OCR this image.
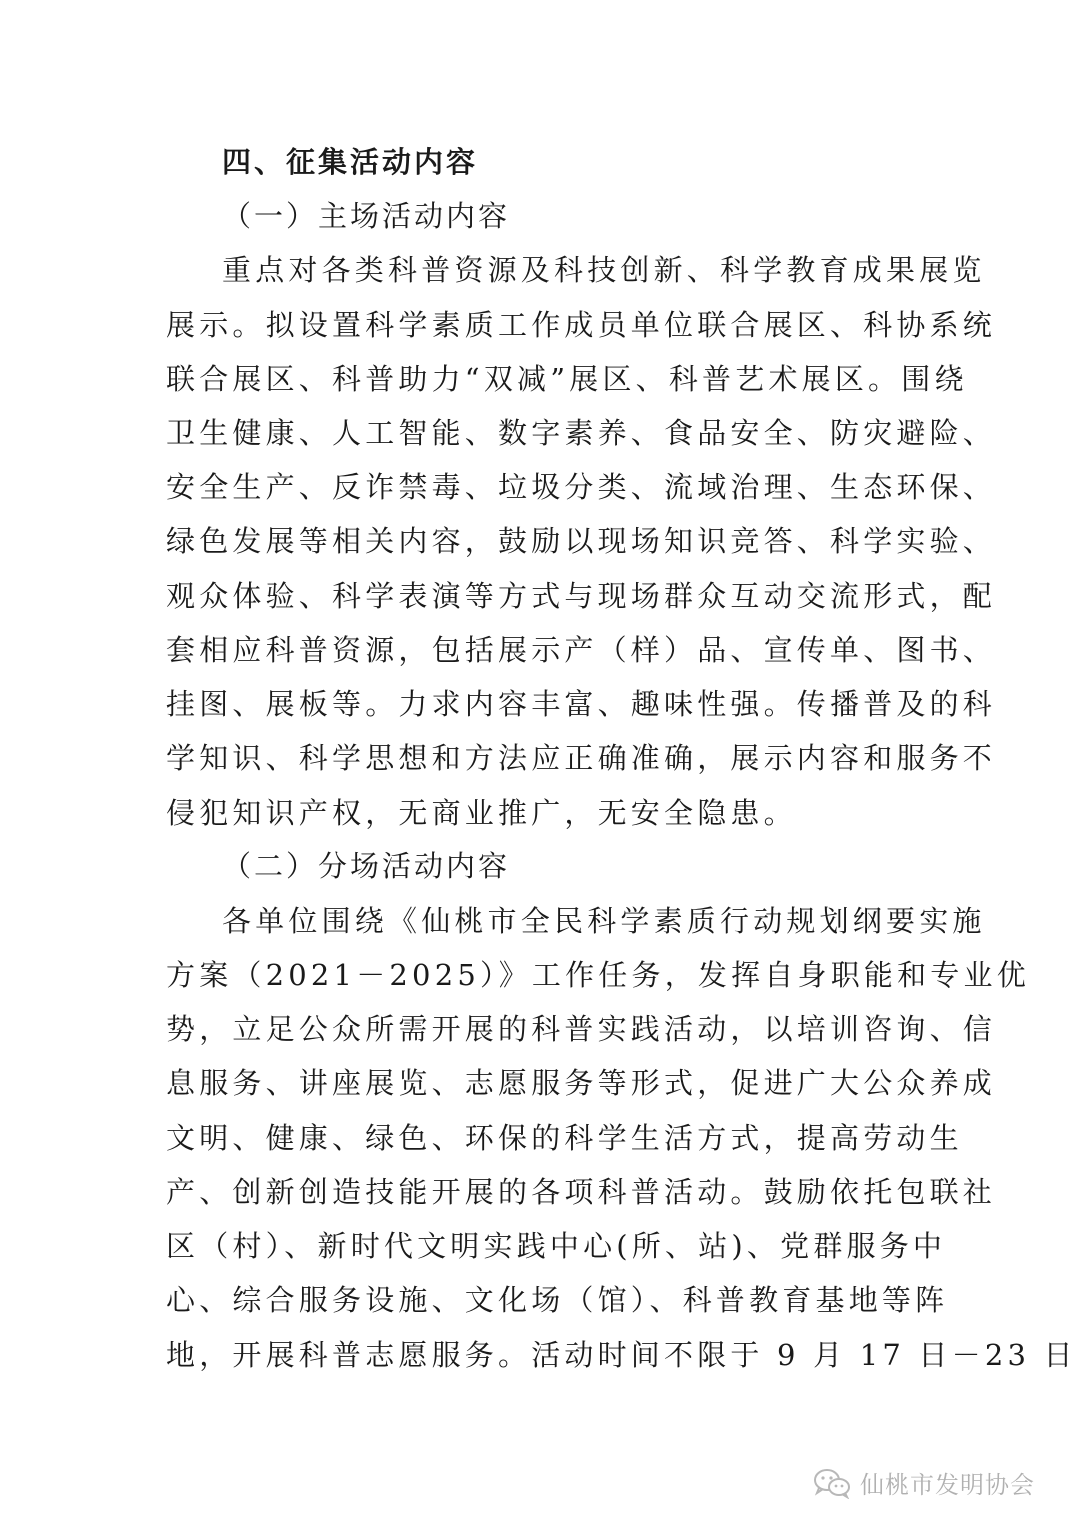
四、征集活动内容
（一）主场活动内容
重点对各类科普资源及科技创新、科学教育成果展览
展示。拟设置科学素质工作成员单位联合展区、科协系统
联合展区、科普助力“双减”展区、科普艺术展区。围绕
卫生健康、人工智能、数字素养、食品安全、防灾避险、
安全生产、反诈禁毒、垃圾分类、流域治理、生态环保、
绿色发展等相关内容，鼓励以现场知识竞答、科学实验、
观众体验、科学表演等方式与现场群众互动交流形式，配
套相应科普资源，包括展示产（样）品、宣传单、图书、
挂图、展板等。力求内容丰富、趣味性强。传播普及的科
学知识、科学思想和方法应正确准确，展示内容和服务不
侵犯知识产权，无商业推广，无安全隐患。
（二）分场活动内容
各单位围绕《仙桃市全民科学素质行动规划纲要实施
方案（2021－2025）》工作任务，发挥自身职能和专业优
势，立足公众所需开展的科普实践活动，以培训咨询、信
息服务、讲座展览、志愿服务等形式，促进广大公众养成
文明、健康、绿色、环保的科学生活方式，提高劳动生
产、创新创造技能开展的各项科普活动。鼓励依托包联社
区（村）、新时代文明实践中心(所、站)、党群服务中
心、综合服务设施、文化场（馆）、科普教育基地等阵
地，开展科普志愿服务。活动时间不限于 9 月 17 日－23 日
仙桃市发明协会
